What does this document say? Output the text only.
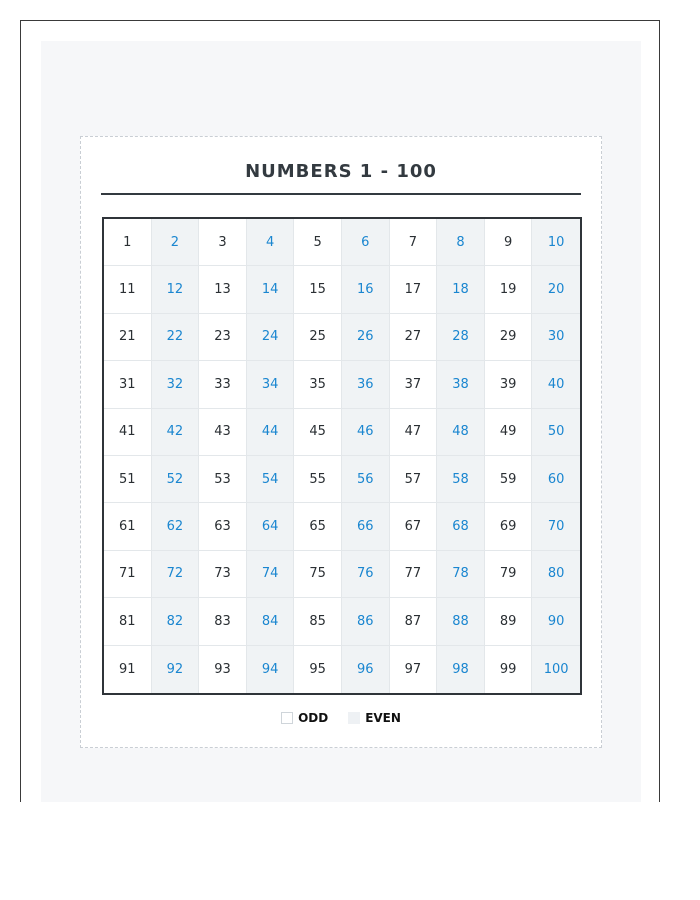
NUMBERS 1 - 100
1	2	3	4	5	6	7	8	9	10
11	12	13	14	15	16	17	18	19	20
21	22	23	24	25	26	27	28	29	30
31	32	33	34	35	36	37	38	39	40
41	42	43	44	45	46	47	48	49	50
51	52	53	54	55	56	57	58	59	60
61	62	63	64	65	66	67	68	69	70
71	72	73	74	75	76	77	78	79	80
81	82	83	84	85	86	87	88	89	90
91	92	93	94	95	96	97	98	99	100
ODD	EVEN
